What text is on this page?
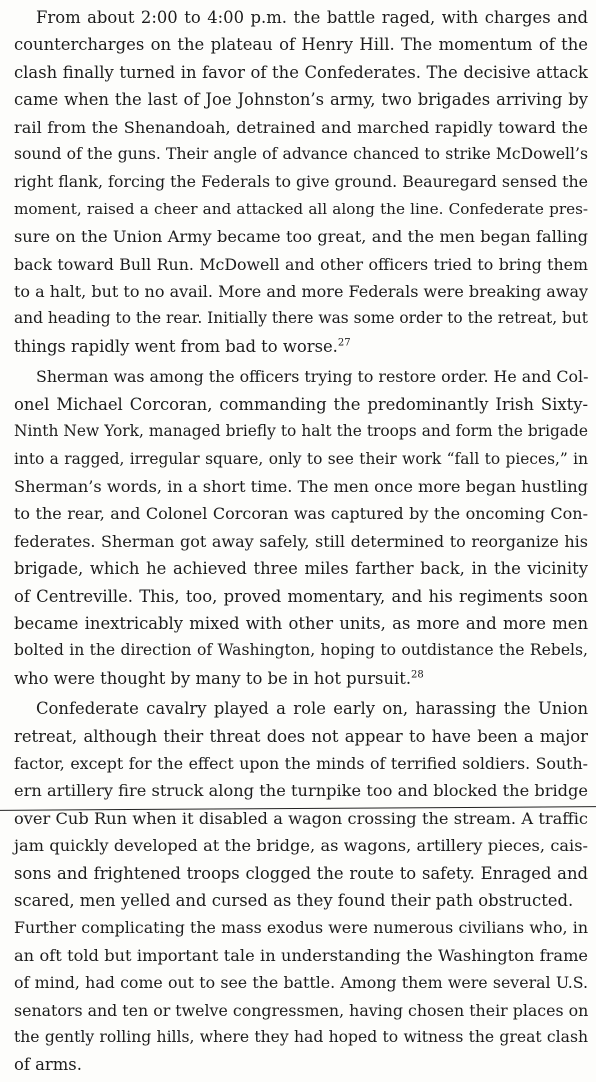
From about 2:00 to 4:00 p.m. the battle raged, with charges and
countercharges on the plateau of Henry Hill. The momentum of the
clash finally turned in favor of the Confederates. The decisive attack
came when the last of Joe Johnston’s army, two brigades arriving by
rail from the Shenandoah, detrained and marched rapidly toward the
sound of the guns. Their angle of advance chanced to strike McDowell’s
right flank, forcing the Federals to give ground. Beauregard sensed the
moment, raised a cheer and attacked all along the line. Confederate pres-
sure on the Union Army became too great, and the men began falling
back toward Bull Run. McDowell and other officers tried to bring them
to a halt, but to no avail. More and more Federals were breaking away
and heading to the rear. Initially there was some order to the retreat, but
things rapidly went from bad to worse.$^{27}$
Sherman was among the officers trying to restore order. He and Col-
onel Michael Corcoran, commanding the predominantly Irish Sixty-
Ninth New York, managed briefly to halt the troops and form the brigade
into a ragged, irregular square, only to see their work “fall to pieces,” in
Sherman’s words, in a short time. The men once more began hustling
to the rear, and Colonel Corcoran was captured by the oncoming Con-
federates. Sherman got away safely, still determined to reorganize his
brigade, which he achieved three miles farther back, in the vicinity
of Centreville. This, too, proved momentary, and his regiments soon
became inextricably mixed with other units, as more and more men
bolted in the direction of Washington, hoping to outdistance the Rebels,
who were thought by many to be in hot pursuit.$^{28}$
Confederate cavalry played a role early on, harassing the Union
retreat, although their threat does not appear to have been a major
factor, except for the effect upon the minds of terrified soldiers. South-
ern artillery fire struck along the turnpike too and blocked the bridge
over Cub Run when it disabled a wagon crossing the stream. A traffic
jam quickly developed at the bridge, as wagons, artillery pieces, cais-
sons and frightened troops clogged the route to safety. Enraged and
scared, men yelled and cursed as they found their path obstructed.
Further complicating the mass exodus were numerous civilians who, in
an oft told but important tale in understanding the Washington frame
of mind, had come out to see the battle. Among them were several U.S.
senators and ten or twelve congressmen, having chosen their places on
the gently rolling hills, where they had hoped to witness the great clash
of arms.
